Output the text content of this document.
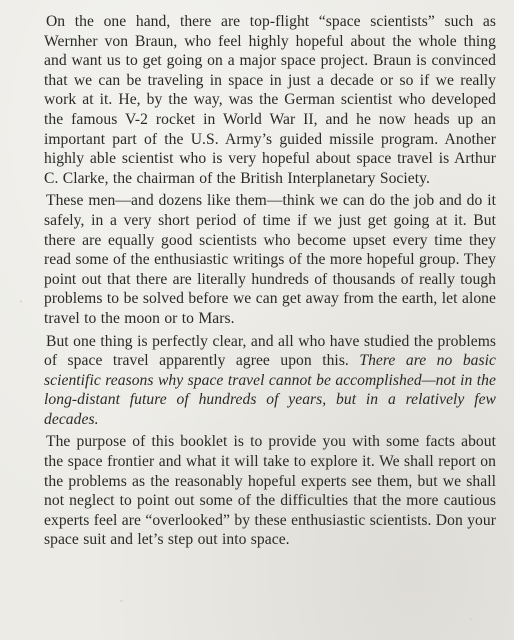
On the one hand, there are top-flight “space scientists” such as Wernher von Braun, who feel highly hopeful about the whole thing and want us to get going on a major space project. Braun is convinced that we can be traveling in space in just a decade or so if we really work at it. He, by the way, was the German scientist who developed the famous V-2 rocket in World War II, and he now heads up an important part of the U.S. Army’s guided missile program. Another highly able scientist who is very hopeful about space travel is Arthur C. Clarke, the chairman of the British Interplanetary Society.

These men—and dozens like them—think we can do the job and do it safely, in a very short period of time if we just get going at it. But there are equally good scientists who become upset every time they read some of the enthusiastic writings of the more hopeful group. They point out that there are literally hundreds of thousands of really tough problems to be solved before we can get away from the earth, let alone travel to the moon or to Mars.

But one thing is perfectly clear, and all who have studied the problems of space travel apparently agree upon this. There are no basic scientific reasons why space travel cannot be accomplished—not in the long-distant future of hundreds of years, but in a relatively few decades.

The purpose of this booklet is to provide you with some facts about the space frontier and what it will take to explore it. We shall report on the problems as the reasonably hopeful experts see them, but we shall not neglect to point out some of the difficulties that the more cautious experts feel are “overlooked” by these enthusiastic scientists. Don your space suit and let’s step out into space.
